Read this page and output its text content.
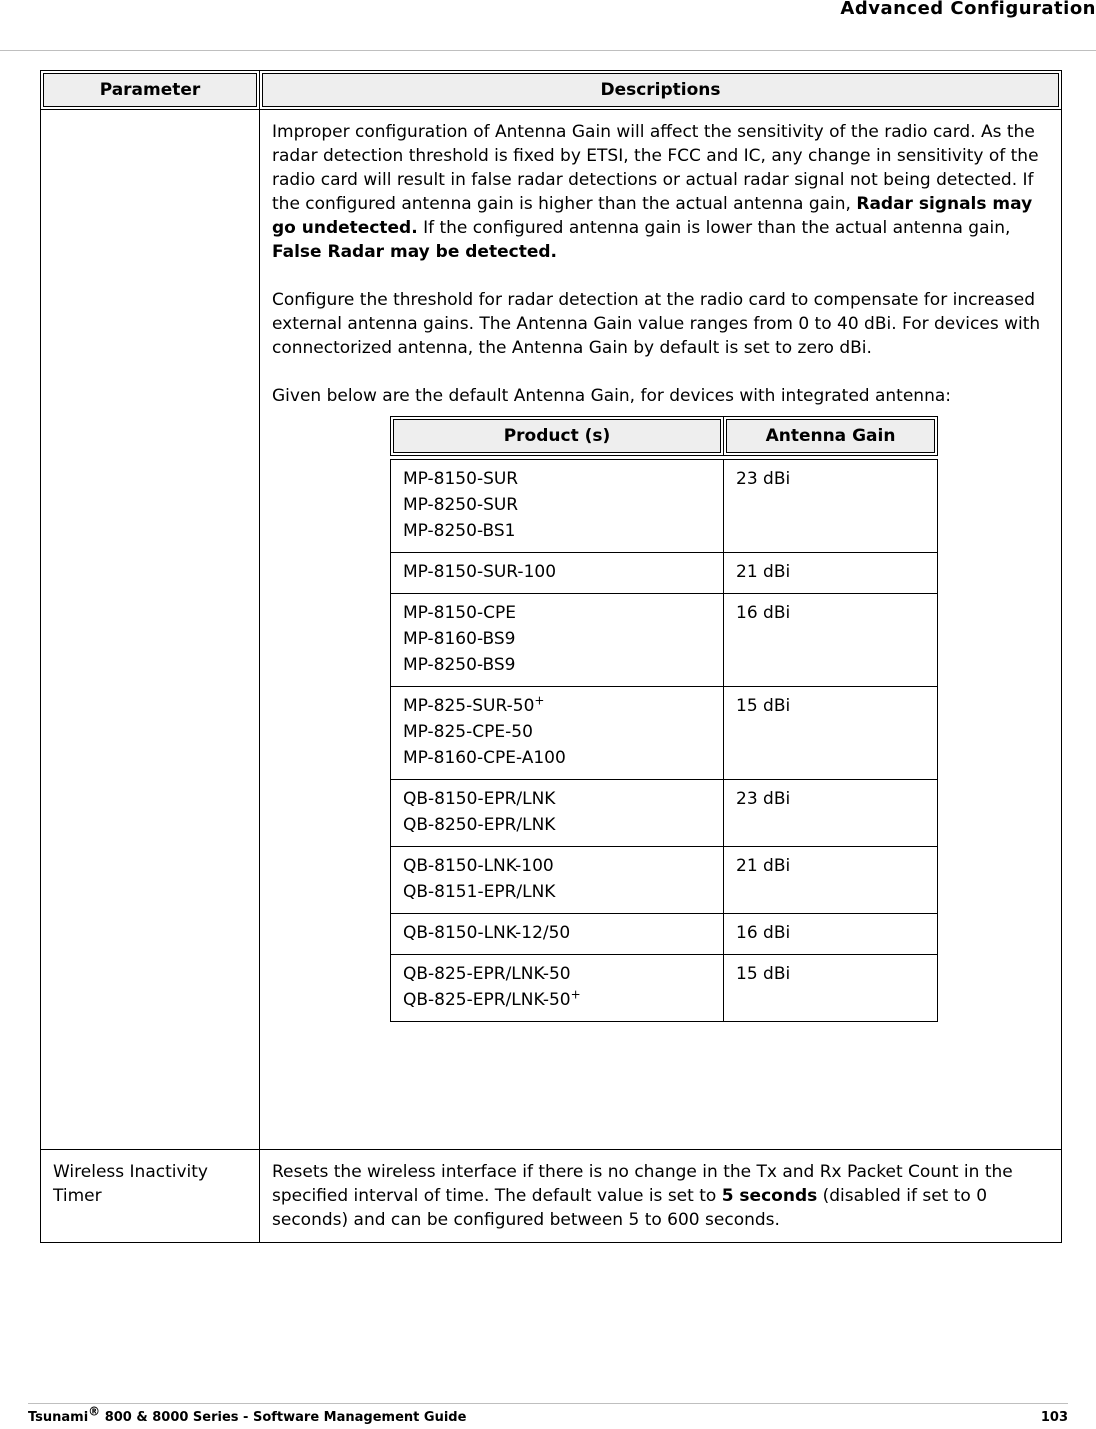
Advanced Configuration
Parameter	Descriptions

Improper configuration of Antenna Gain will affect the sensitivity of the radio card. As the radar detection threshold is fixed by ETSI, the FCC and IC, any change in sensitivity of the radio card will result in false radar detections or actual radar signal not being detected. If the configured antenna gain is higher than the actual antenna gain, Radar signals may go undetected. If the configured antenna gain is lower than the actual antenna gain, False Radar may be detected.

Configure the threshold for radar detection at the radio card to compensate for increased external antenna gains. The Antenna Gain value ranges from 0 to 40 dBi. For devices with connectorized antenna, the Antenna Gain by default is set to zero dBi.

Given below are the default Antenna Gain, for devices with integrated antenna:

Product (s)	Antenna Gain

MP-8150-SUR
MP-8250-SUR
MP-8250-BS1
	23 dBi

MP-8150-SUR-100	21 dBi

MP-8150-CPE
MP-8160-BS9
MP-8250-BS9
	16 dBi

MP-825-SUR-50+
MP-825-CPE-50
MP-8160-CPE-A100
	15 dBi

QB-8150-EPR/LNK
QB-8250-EPR/LNK
	23 dBi

QB-8150-LNK-100
QB-8151-EPR/LNK
	21 dBi

QB-8150-LNK-12/50	16 dBi

QB-825-EPR/LNK-50
QB-825-EPR/LNK-50+
	15 dBi

Wireless Inactivity Timer	Resets the wireless interface if there is no change in the Tx and Rx Packet Count in the specified interval of time. The default value is set to 5 seconds (disabled if set to 0 seconds) and can be configured between 5 to 600 seconds.
Tsunami® 800 & 8000 Series - Software Management Guide	103
